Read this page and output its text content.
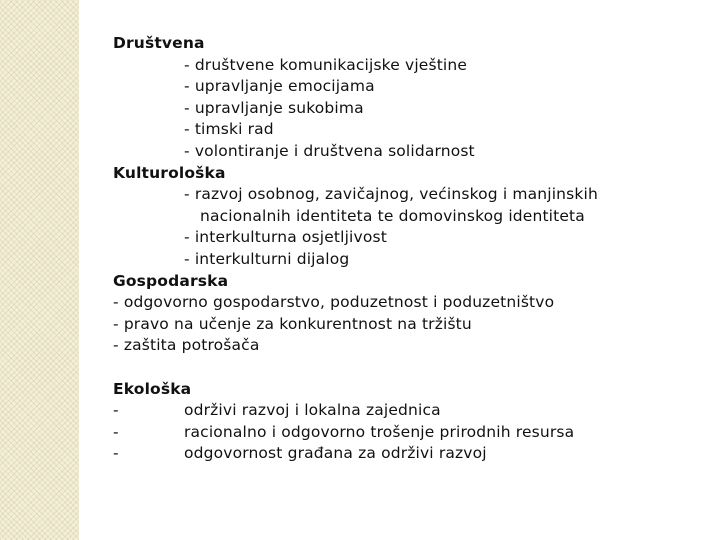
Društvena
- društvene komunikacijske vještine
- upravljanje emocijama
- upravljanje sukobima
- timski rad
- volontiranje i društvena solidarnost
Kulturološka
- razvoj osobnog, zavičajnog, većinskog i manjinskih
nacionalnih identiteta te domovinskog identiteta
- interkulturna osjetljivost
- interkulturni dijalog
Gospodarska
- odgovorno gospodarstvo, poduzetnost i poduzetništvo
- pravo na učenje za konkurentnost na tržištu
- zaštita potrošača
Ekološka
-	održivi razvoj i lokalna zajednica
-	racionalno i odgovorno trošenje prirodnih resursa
-	odgovornost građana za održivi razvoj
